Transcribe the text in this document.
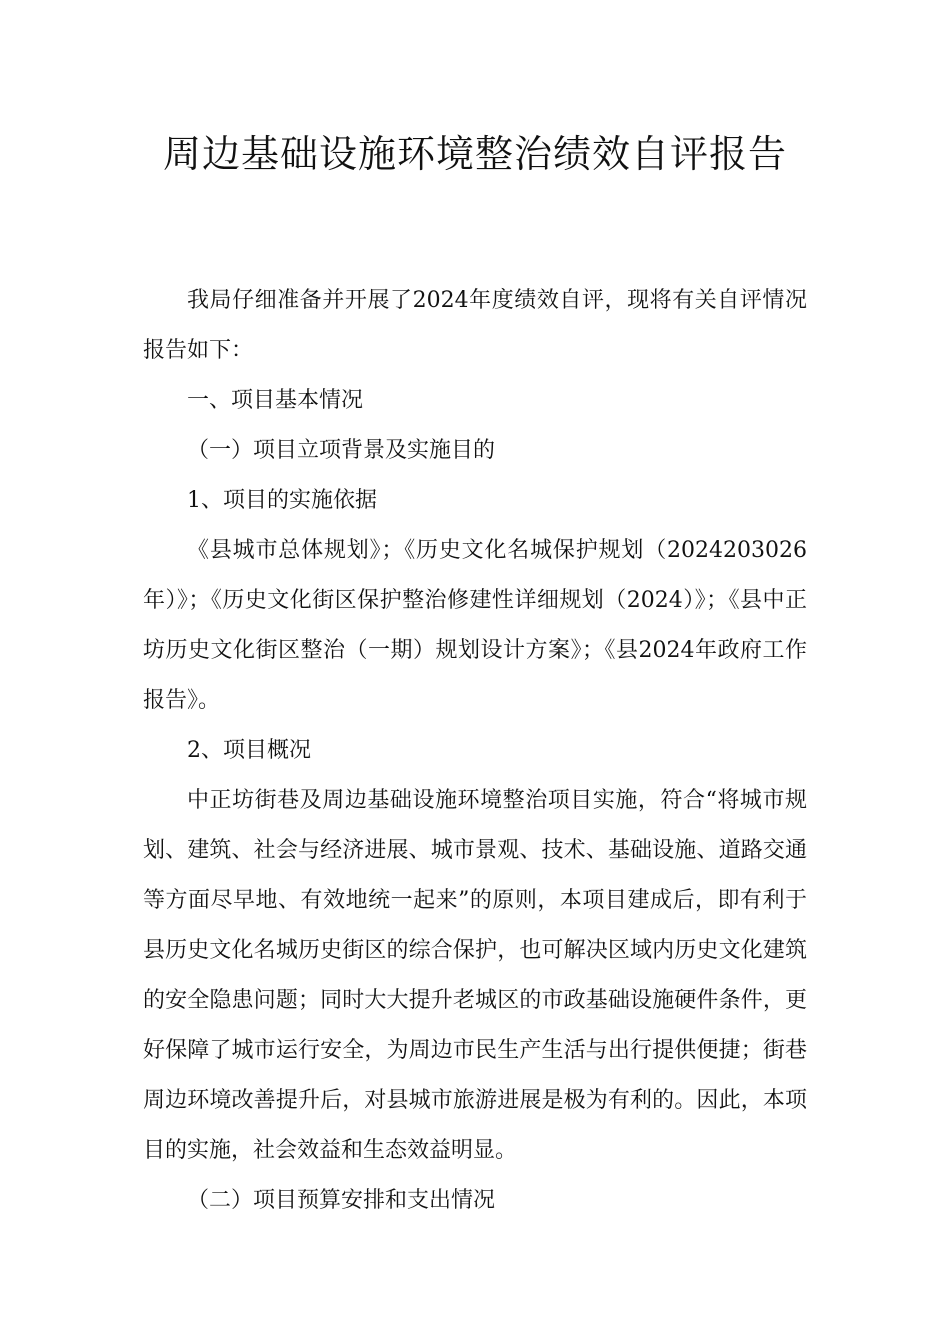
周边基础设施环境整治绩效自评报告

我局仔细准备并开展了2024年度绩效自评，现将有关自评情况报告如下：

一、项目基本情况

（一）项目立项背景及实施目的

1、项目的实施依据

《县城市总体规划》；《历史文化名城保护规划（2024203026年）》；《历史文化街区保护整治修建性详细规划（2024）》；《县中正坊历史文化街区整治（一期）规划设计方案》；《县2024年政府工作报告》。

2、项目概况

中正坊街巷及周边基础设施环境整治项目实施，符合“将城市规划、建筑、社会与经济进展、城市景观、技术、基础设施、道路交通等方面尽早地、有效地统一起来”的原则，本项目建成后，即有利于县历史文化名城历史街区的综合保护，也可解决区域内历史文化建筑的安全隐患问题；同时大大提升老城区的市政基础设施硬件条件，更好保障了城市运行安全，为周边市民生产生活与出行提供便捷；街巷周边环境改善提升后，对县城市旅游进展是极为有利的。因此，本项目的实施，社会效益和生态效益明显。

（二）项目预算安排和支出情况
